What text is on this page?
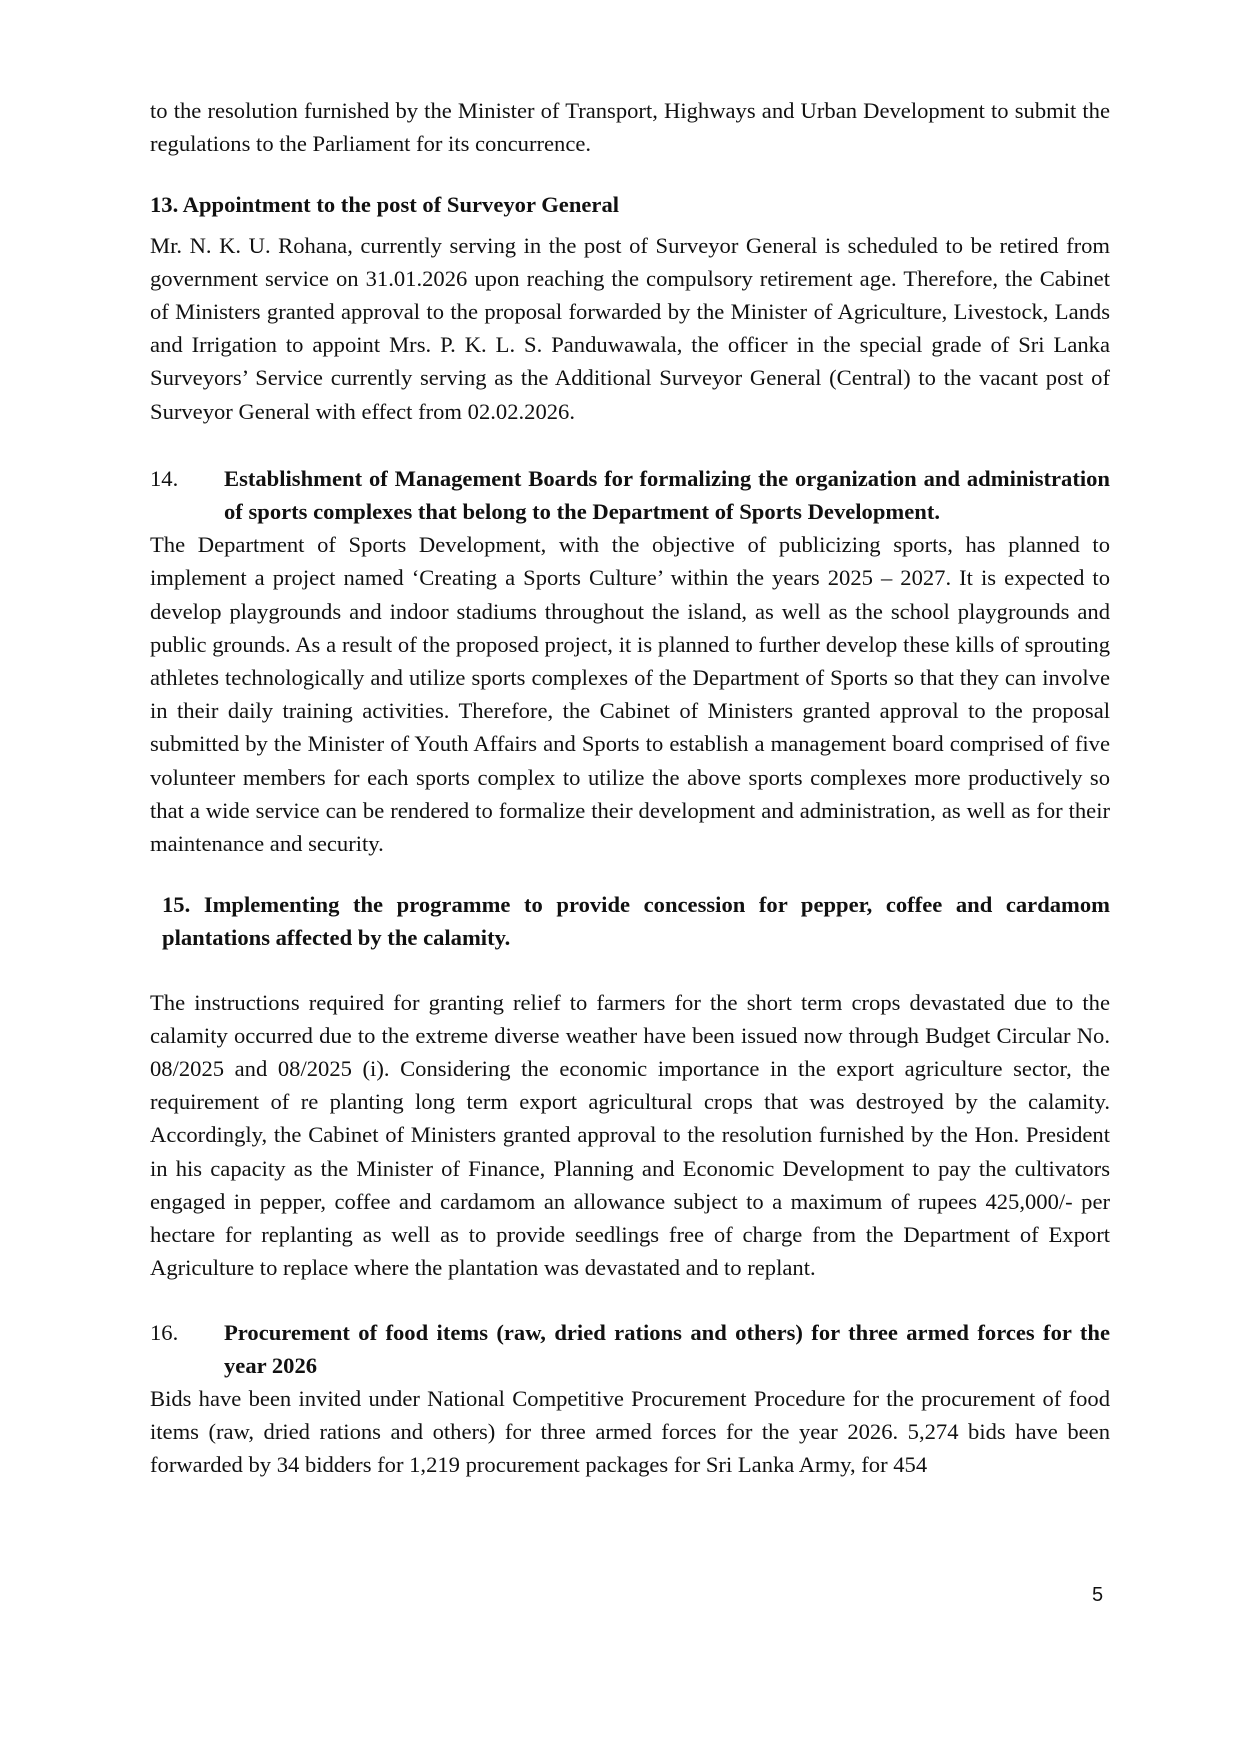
to the resolution furnished by the Minister of Transport, Highways and Urban Development to submit the regulations to the Parliament for its concurrence.

13. Appointment to the post of Surveyor General

Mr. N. K. U. Rohana, currently serving in the post of Surveyor General is scheduled to be retired from government service on 31.01.2026 upon reaching the compulsory retirement age. Therefore, the Cabinet of Ministers granted approval to the proposal forwarded by the Minister of Agriculture, Livestock, Lands and Irrigation to appoint Mrs. P. K. L. S. Panduwawala, the officer in the special grade of Sri Lanka Surveyors’ Service currently serving as the Additional Surveyor General (Central) to the vacant post of Surveyor General with effect from 02.02.2026.

14.	Establishment of Management Boards for formalizing the organization and administration of sports complexes that belong to the Department of Sports Development.

The Department of Sports Development, with the objective of publicizing sports, has planned to implement a project named ‘Creating a Sports Culture’ within the years 2025 – 2027. It is expected to develop playgrounds and indoor stadiums throughout the island, as well as the school playgrounds and public grounds. As a result of the proposed project, it is planned to further develop these kills of sprouting athletes technologically and utilize sports complexes of the Department of Sports so that they can involve in their daily training activities. Therefore, the Cabinet of Ministers granted approval to the proposal submitted by the Minister of Youth Affairs and Sports to establish a management board comprised of five volunteer members for each sports complex to utilize the above sports complexes more productively so that a wide service can be rendered to formalize their development and administration, as well as for their maintenance and security.

15. Implementing the programme to provide concession for pepper, coffee and cardamom plantations affected by the calamity.

The instructions required for granting relief to farmers for the short term crops devastated due to the calamity occurred due to the extreme diverse weather have been issued now through Budget Circular No. 08/2025 and 08/2025 (i). Considering the economic importance in the export agriculture sector, the requirement of re planting long term export agricultural crops that was destroyed by the calamity. Accordingly, the Cabinet of Ministers granted approval to the resolution furnished by the Hon. President in his capacity as the Minister of Finance, Planning and Economic Development to pay the cultivators engaged in pepper, coffee and cardamom an allowance subject to a maximum of rupees 425,000/- per hectare for replanting as well as to provide seedlings free of charge from the Department of Export Agriculture to replace where the plantation was devastated and to replant.

16.	Procurement of food items (raw, dried rations and others) for three armed forces for the year 2026

Bids have been invited under National Competitive Procurement Procedure for the procurement of food items (raw, dried rations and others) for three armed forces for the year 2026. 5,274 bids have been forwarded by 34 bidders for 1,219 procurement packages for Sri Lanka Army, for 454

5
